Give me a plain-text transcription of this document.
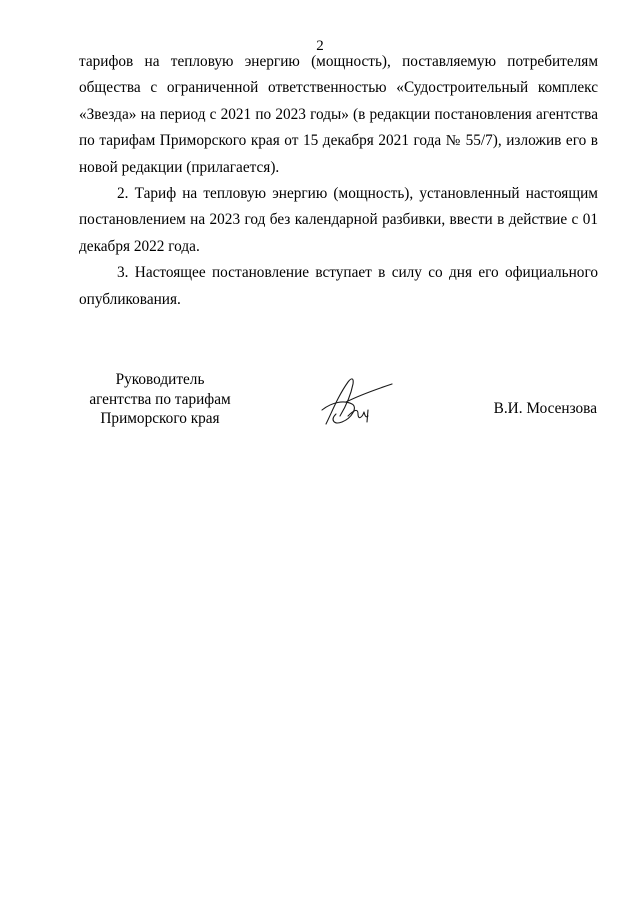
2

тарифов на тепловую энергию (мощность), поставляемую потребителям общества с ограниченной ответственностью «Судостроительный комплекс «Звезда» на период с 2021 по 2023 годы» (в редакции постановления агентства по тарифам Приморского края от 15 декабря 2021 года № 55/7), изложив его в новой редакции (прилагается).

2. Тариф на тепловую энергию (мощность), установленный настоящим постановлением на 2023 год без календарной разбивки, ввести в действие с 01 декабря 2022 года.

3. Настоящее постановление вступает в силу со дня его официального опубликования.

Руководитель
агентства по тарифам
Приморского края
В.И. Мосензова
